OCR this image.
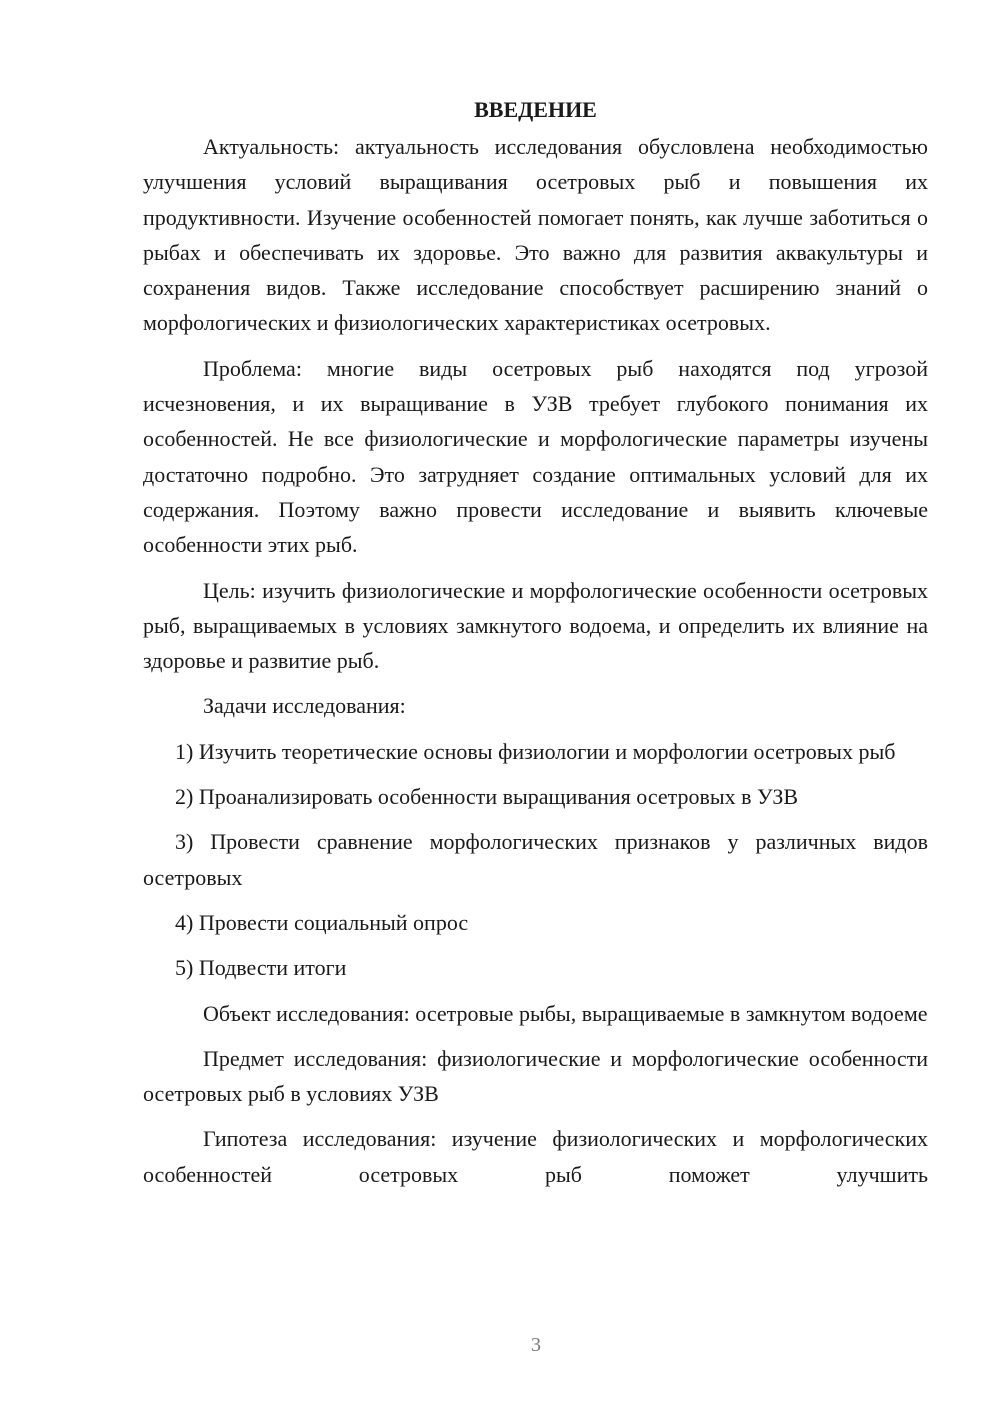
ВВЕДЕНИЕ

Актуальность: актуальность исследования обусловлена необходимостью улучшения условий выращивания осетровых рыб и повышения их продуктивности. Изучение особенностей помогает понять, как лучше заботиться о рыбах и обеспечивать их здоровье. Это важно для развития аквакультуры и сохранения видов. Также исследование способствует расширению знаний о морфологических и физиологических характеристиках осетровых.

Проблема: многие виды осетровых рыб находятся под угрозой исчезновения, и их выращивание в УЗВ требует глубокого понимания их особенностей. Не все физиологические и морфологические параметры изучены достаточно подробно. Это затрудняет создание оптимальных условий для их содержания. Поэтому важно провести исследование и выявить ключевые особенности этих рыб.

Цель: изучить физиологические и морфологические особенности осетровых рыб, выращиваемых в условиях замкнутого водоема, и определить их влияние на здоровье и развитие рыб.

Задачи исследования:

1) Изучить теоретические основы физиологии и морфологии осетровых рыб

2) Проанализировать особенности выращивания осетровых в УЗВ

3) Провести сравнение морфологических признаков у различных видов осетровых

4) Провести социальный опрос

5) Подвести итоги

Объект исследования: осетровые рыбы, выращиваемые в замкнутом водоеме

Предмет исследования: физиологические и морфологические особенности осетровых рыб в условиях УЗВ

Гипотеза исследования: изучение физиологических и морфологических особенностей осетровых рыб поможет улучшить

3
